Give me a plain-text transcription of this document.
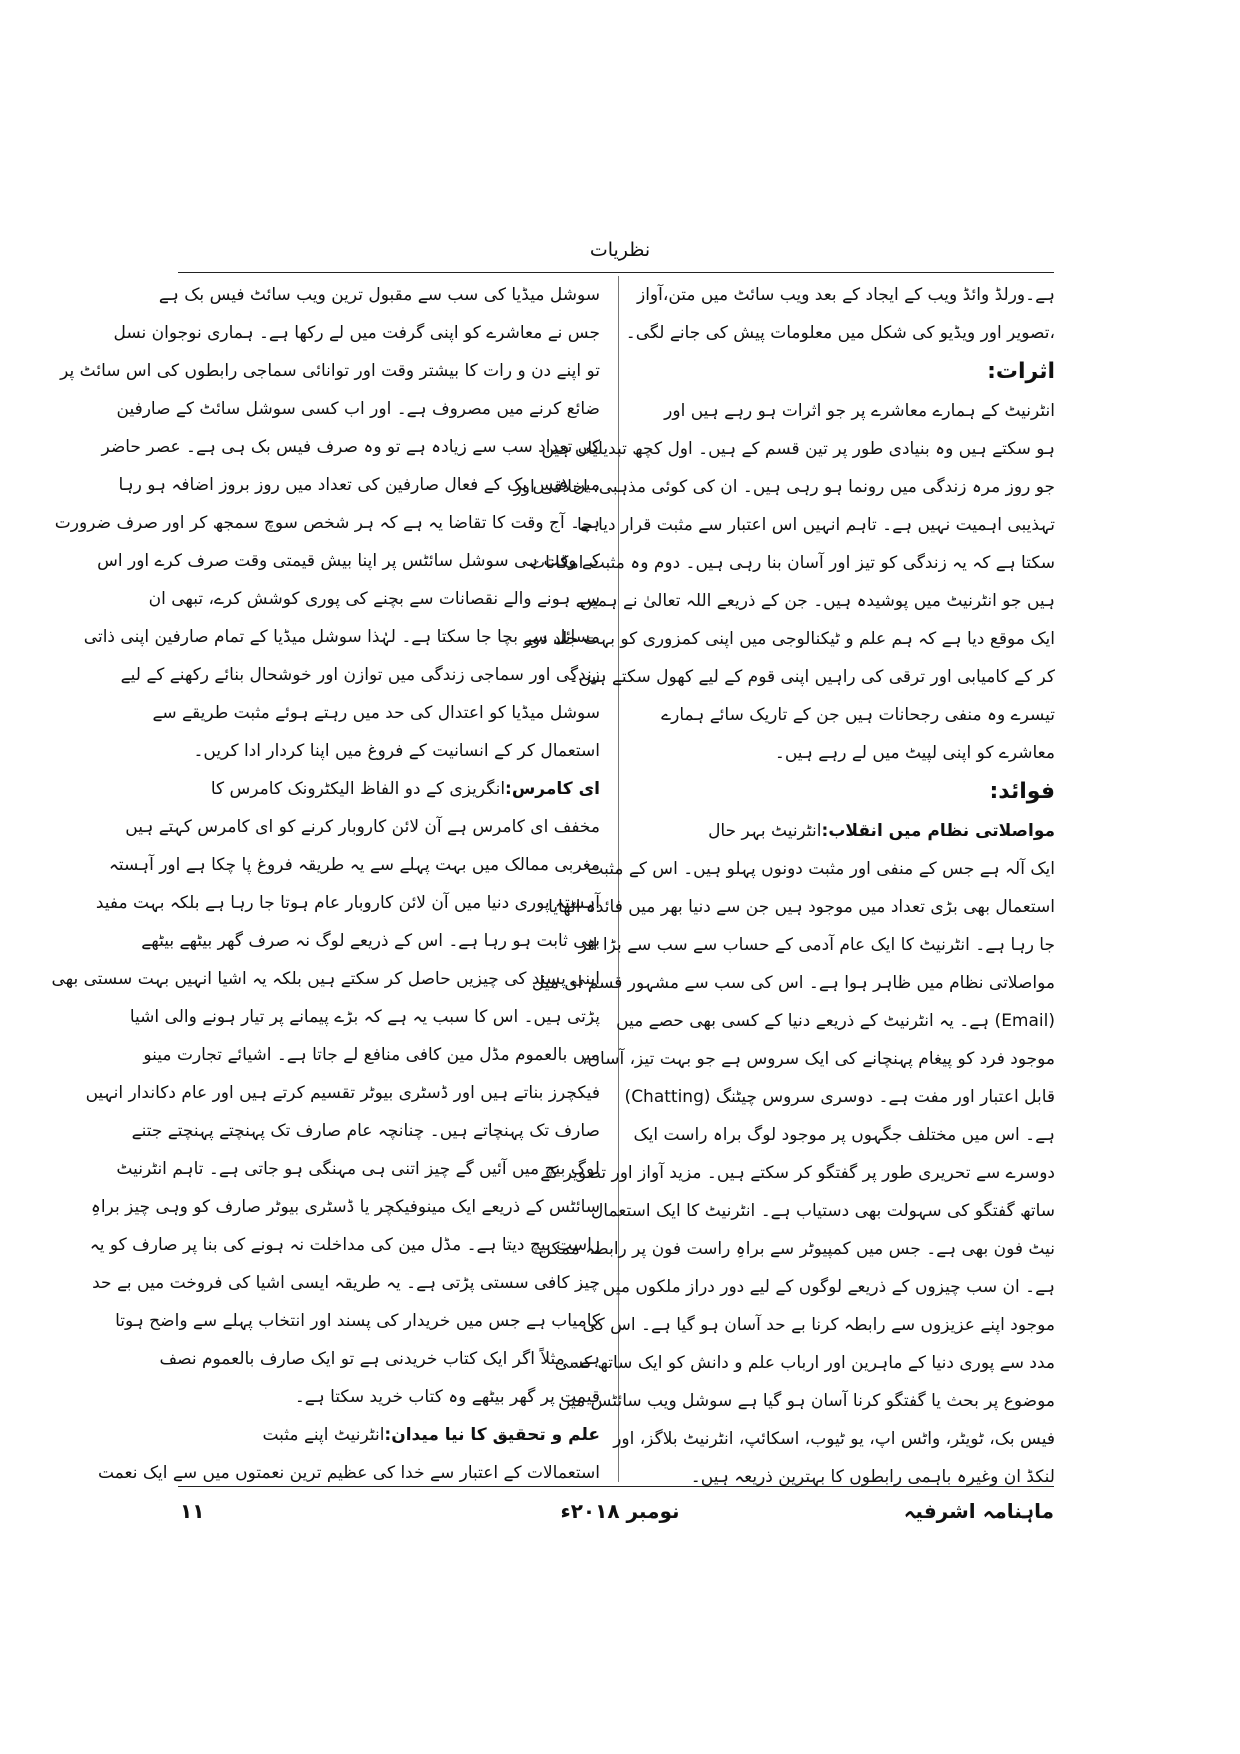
نظریات
ہے۔ورلڈ وائڈ ویب کے ایجاد کے بعد ویب سائٹ میں متن،آواز
،تصویر اور ویڈیو کی شکل میں معلومات پیش کی جانے لگی۔
اثرات:
انٹرنیٹ کے ہمارے معاشرے پر جو اثرات ہو رہے ہیں اور
ہو سکتے ہیں وہ بنیادی طور پر تین قسم کے ہیں۔ اول کچھ تبدیلیاں ہیں
جو روز مرہ زندگی میں رونما ہو رہی ہیں۔ ان کی کوئی مذہبی، اخلاقی اور
تہذیبی اہمیت نہیں ہے۔ تاہم انہیں اس اعتبار سے مثبت قرار دیا جا
سکتا ہے کہ یہ زندگی کو تیز اور آسان بنا رہی ہیں۔ دوم وہ مثبت امکانات
ہیں جو انٹرنیٹ میں پوشیدہ ہیں۔ جن کے ذریعے اللہ تعالیٰ نے ہمیں
ایک موقع دیا ہے کہ ہم علم و ٹیکنالوجی میں اپنی کمزوری کو بہت جلد دور
کر کے کامیابی اور ترقی کی راہیں اپنی قوم کے لیے کھول سکتے ہیں۔
تیسرے وہ منفی رجحانات ہیں جن کے تاریک سائے ہمارے
معاشرے کو اپنی لپیٹ میں لے رہے ہیں۔
فوائد:
مواصلاتی نظام میں انقلاب:انٹرنیٹ بہر حال
ایک آلہ ہے جس کے منفی اور مثبت دونوں پہلو ہیں۔ اس کے مثبت
استعمال بھی بڑی تعداد میں موجود ہیں جن سے دنیا بھر میں فائدہ اٹھایا
جا رہا ہے۔ انٹرنیٹ کا ایک عام آدمی کے حساب سے سب سے بڑا اثر
مواصلاتی نظام میں ظاہر ہوا ہے۔ اس کی سب سے مشہور قسم ای میل
(Email) ہے۔ یہ انٹرنیٹ کے ذریعے دنیا کے کسی بھی حصے میں
موجود فرد کو پیغام پہنچانے کی ایک سروس ہے جو بہت تیز، آسان،
قابل اعتبار اور مفت ہے۔ دوسری سروس چیٹنگ (Chatting)
ہے۔ اس میں مختلف جگہوں پر موجود لوگ براہ راست ایک
دوسرے سے تحریری طور پر گفتگو کر سکتے ہیں۔ مزید آواز اور تصویر کے
ساتھ گفتگو کی سہولت بھی دستیاب ہے۔ انٹرنیٹ کا ایک استعمال
نیٹ فون بھی ہے۔ جس میں کمپیوٹر سے براہِ راست فون پر رابطہ ممکن
ہے۔ ان سب چیزوں کے ذریعے لوگوں کے لیے دور دراز ملکوں میں
موجود اپنے عزیزوں سے رابطہ کرنا بے حد آسان ہو گیا ہے۔ اس کی
مدد سے پوری دنیا کے ماہرین اور ارباب علم و دانش کو ایک ساتھ کسی
موضوع پر بحث یا گفتگو کرنا آسان ہو گیا ہے سوشل ویب سائٹس میں
فیس بک، ٹویٹر، واٹس اپ، یو ٹیوب، اسکائپ، انٹرنیٹ بلاگز، اور
لنکڈ ان وغیرہ باہمی رابطوں کا بہترین ذریعہ ہیں۔
سوشل میڈیا کی سب سے مقبول ترین ویب سائٹ فیس بک ہے
جس نے معاشرے کو اپنی گرفت میں لے رکھا ہے۔ ہماری نوجوان نسل
تو اپنے دن و رات کا بیشتر وقت اور توانائی سماجی رابطوں کی اس سائٹ پر
ضائع کرنے میں مصروف ہے۔ اور اب کسی سوشل سائٹ کے صارفین
کی تعداد سب سے زیادہ ہے تو وہ صرف فیس بک ہی ہے۔ عصر حاضر
میں فیس بک کے فعال صارفین کی تعداد میں روز بروز اضافہ ہو رہا
ہے۔ آج وقت کا تقاضا یہ ہے کہ ہر شخص سوچ سمجھ کر اور صرف ضرورت
کے وقت ہی سوشل سائٹس پر اپنا بیش قیمتی وقت صرف کرے اور اس
سے ہونے والے نقصانات سے بچنے کی پوری کوشش کرے، تبھی ان
مسائل سے بچا جا سکتا ہے۔ لہٰذا سوشل میڈیا کے تمام صارفین اپنی ذاتی
زندگی اور سماجی زندگی میں توازن اور خوشحال بنائے رکھنے کے لیے
سوشل میڈیا کو اعتدال کی حد میں رہتے ہوئے مثبت طریقے سے
استعمال کر کے انسانیت کے فروغ میں اپنا کردار ادا کریں۔
ای کامرس:انگریزی کے دو الفاظ الیکٹرونک کامرس کا
مخفف ای کامرس ہے آن لائن کاروبار کرنے کو ای کامرس کہتے ہیں
مغربی ممالک میں بہت پہلے سے یہ طریقہ فروغ پا چکا ہے اور آہستہ
آہستہ پوری دنیا میں آن لائن کاروبار عام ہوتا جا رہا ہے بلکہ بہت مفید
بھی ثابت ہو رہا ہے۔ اس کے ذریعے لوگ نہ صرف گھر بیٹھے بیٹھے
اپنی پسند کی چیزیں حاصل کر سکتے ہیں بلکہ یہ اشیا انہیں بہت سستی بھی
پڑتی ہیں۔ اس کا سبب یہ ہے کہ بڑے پیمانے پر تیار ہونے والی اشیا
میں بالعموم مڈل مین کافی منافع لے جاتا ہے۔ اشیائے تجارت مینو
فیکچرز بناتے ہیں اور ڈسٹری بیوٹر تقسیم کرتے ہیں اور عام دکاندار انہیں
صارف تک پہنچاتے ہیں۔ چنانچہ عام صارف تک پہنچتے پہنچتے جتنے
لوگ بیچ میں آئیں گے چیز اتنی ہی مہنگی ہو جاتی ہے۔ تاہم انٹرنیٹ
سائٹس کے ذریعے ایک مینوفیکچر یا ڈسٹری بیوٹر صارف کو وہی چیز براہِ
راست بیچ دیتا ہے۔ مڈل مین کی مداخلت نہ ہونے کی بنا پر صارف کو یہ
چیز کافی سستی پڑتی ہے۔ یہ طریقہ ایسی اشیا کی فروخت میں بے حد
کامیاب ہے جس میں خریدار کی پسند اور انتخاب پہلے سے واضح ہوتا
ہے۔ مثلاً اگر ایک کتاب خریدنی ہے تو ایک صارف بالعموم نصف
قیمت پر گھر بیٹھے وہ کتاب خرید سکتا ہے۔
علم و تحقیق کا نیا میدان:انٹرنیٹ اپنے مثبت
استعمالات کے اعتبار سے خدا کی عظیم ترین نعمتوں میں سے ایک نعمت
ماہنامہ اشرفیہ
نومبر ۲۰۱۸ء
۱۱
